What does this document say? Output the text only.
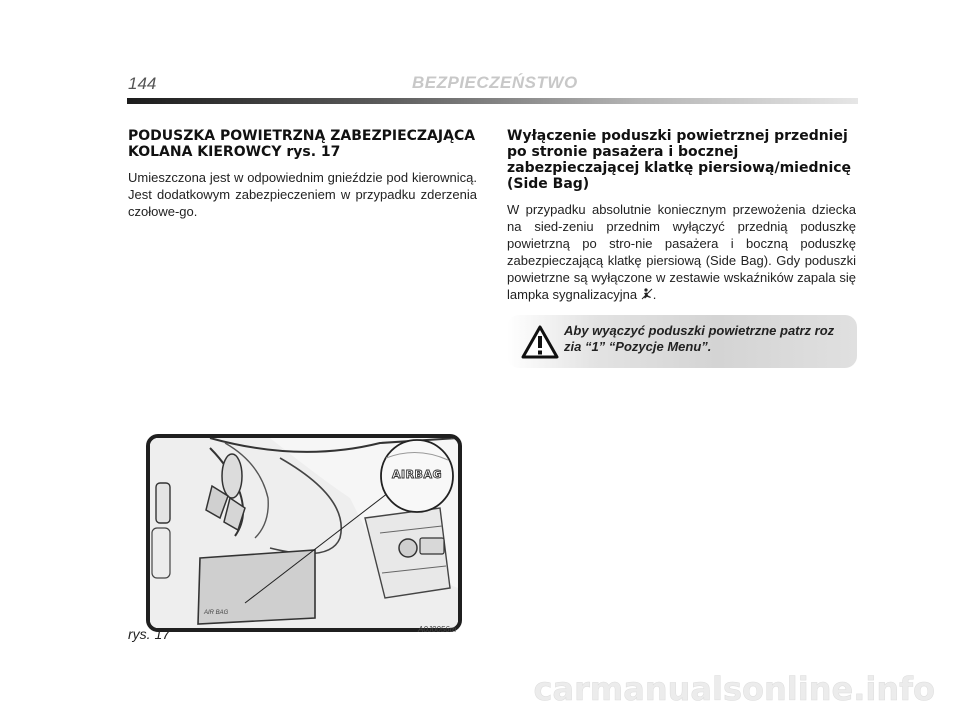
144	BEZPIECZEŃSTWO
PODUSZKA POWIETRZNĄ ZABEZPIECZAJĄCA KOLANA KIEROWCY rys. 17

Umieszczona jest w odpowiednim gnieździe pod kierownicą. Jest dodatkowym zabezpieczeniem w przypadku zderzenia czołowe-go.

Wyłączenie poduszki powietrznej przedniej po stronie pasażera i bocznej zabezpieczającej klatkę piersiową/miednicę (Side Bag)

W przypadku absolutnie koniecznym przewożenia dziecka na sied-zeniu przednim wyłączyć przednią poduszkę powietrzną po stro-nie pasażera i boczną poduszkę zabezpieczającą klatkę piersiową (Side Bag). Gdy poduszki powietrzne są wyłączone w zestawie wskaźników zapala się lampka sygnalizacyjna .

Aby wyączyć poduszki powietrzne patrz roz zia “1” “Pozycje Menu”.
AIR BAG
AIRBAG
rys. 17	A0J0056m
carmanualsonline.info
